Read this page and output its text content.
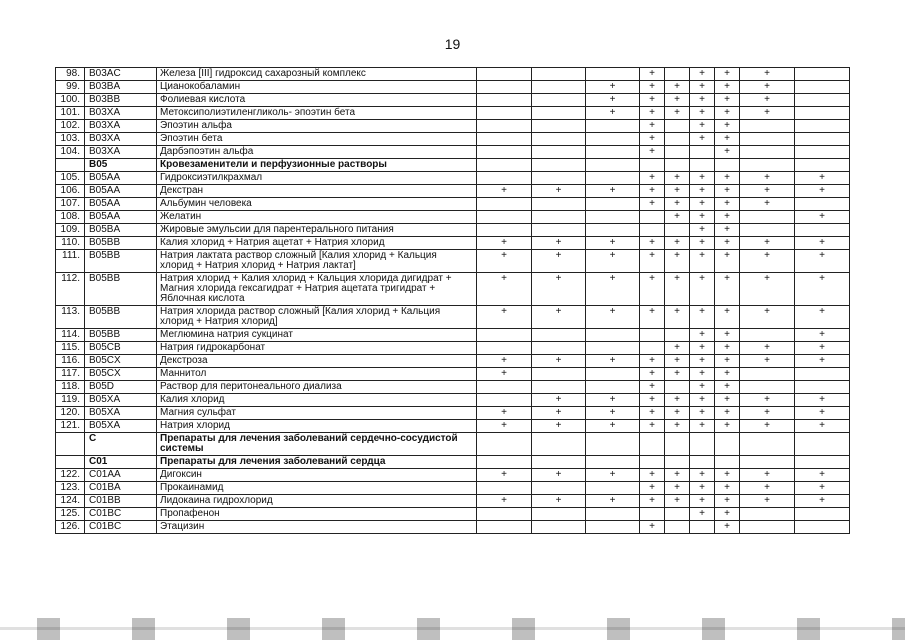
19
98.	B03AC	Железа [III] гидроксид сахарозный комплекс				+		+	+	+	
99.	B03BA	Цианокобаламин			+	+	+	+	+	+	
100.	B03BB	Фолиевая кислота			+	+	+	+	+	+	
101.	B03XA	Метоксиполиэтиленгликоль- эпоэтин бета			+	+	+	+	+	+	
102.	B03XA	Эпоэтин альфа				+		+	+		
103.	B03XA	Эпоэтин бета				+		+	+		
104.	B03XA	Дарбэпоэтин альфа				+			+		
	B05	Кровезаменители и перфузионные растворы									
105.	B05AA	Гидроксиэтилкрахмал				+	+	+	+	+	+
106.	B05AA	Декстран	+	+	+	+	+	+	+	+	+
107.	B05AA	Альбумин человека				+	+	+	+	+	
108.	B05AA	Желатин					+	+	+		+
109.	B05BA	Жировые эмульсии для парентерального питания						+	+		
110.	B05BB	Калия хлорид + Натрия ацетат + Натрия хлорид	+	+	+	+	+	+	+	+	+
111.	B05BB	Натрия лактата раствор сложный [Калия хлорид + Кальция хлорид + Натрия хлорид + Натрия лактат]	+	+	+	+	+	+	+	+	+
112.	B05BB	Натрия хлорид + Калия хлорид + Кальция хлорида дигидрат + Магния хлорида гексагидрат + Натрия ацетата тригидрат + Яблочная кислота	+	+	+	+	+	+	+	+	+
113.	B05BB	Натрия хлорида раствор сложный [Калия хлорид + Кальция хлорид + Натрия хлорид]	+	+	+	+	+	+	+	+	+
114.	B05BB	Меглюмина натрия сукцинат						+	+		+
115.	B05CB	Натрия гидрокарбонат					+	+	+	+	+
116.	B05CX	Декстроза	+	+	+	+	+	+	+	+	+
117.	B05CX	Маннитол	+			+	+	+	+		
118.	B05D	Раствор для перитонеального диализа				+		+	+		
119.	B05XA	Калия хлорид		+	+	+	+	+	+	+	+
120.	B05XA	Магния сульфат	+	+	+	+	+	+	+	+	+
121.	B05XA	Натрия хлорид	+	+	+	+	+	+	+	+	+
	C	Препараты для лечения заболеваний сердечно-сосудистой системы									
	C01	Препараты для лечения заболеваний сердца									
122.	C01AA	Дигоксин	+	+	+	+	+	+	+	+	+
123.	C01BA	Прокаинамид				+	+	+	+	+	+
124.	C01BB	Лидокаина гидрохлорид	+	+	+	+	+	+	+	+	+
125.	C01BC	Пропафенон						+	+		
126.	C01BC	Этацизин				+			+		
